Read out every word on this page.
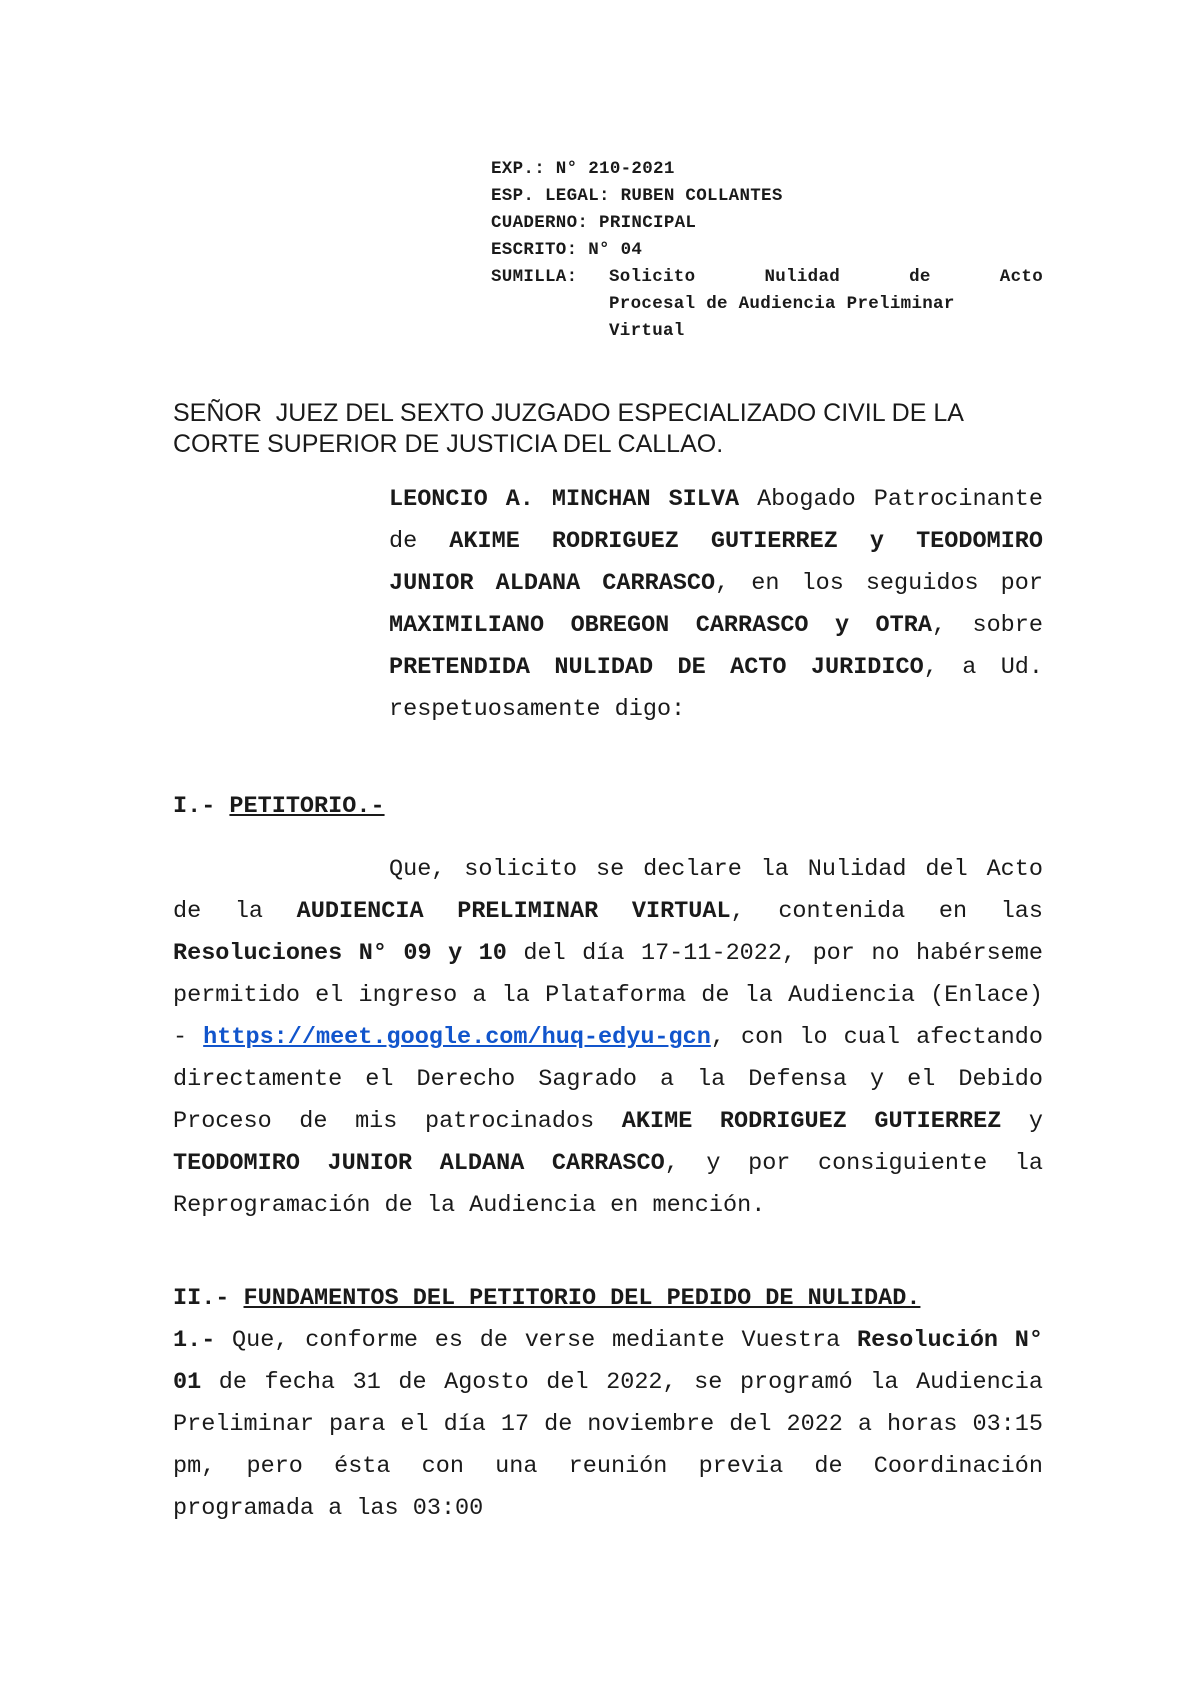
EXP.: N° 210-2021
ESP. LEGAL: RUBEN COLLANTES
CUADERNO: PRINCIPAL
ESCRITO: N° 04
SUMILLA:	Solicito Nulidad de Acto
Procesal de Audiencia Preliminar
Virtual
SEÑOR  JUEZ DEL SEXTO JUZGADO ESPECIALIZADO CIVIL DE LA
CORTE SUPERIOR DE JUSTICIA DEL CALLAO.
LEONCIO A. MINCHAN SILVA Abogado Patrocinante de AKIME RODRIGUEZ GUTIERREZ y TEODOMIRO JUNIOR ALDANA CARRASCO, en los seguidos por MAXIMILIANO OBREGON CARRASCO y OTRA, sobre PRETENDIDA NULIDAD DE ACTO JURIDICO, a Ud. respetuosamente digo:
I.- PETITORIO.-
Que, solicito se declare la Nulidad del Acto de la AUDIENCIA PRELIMINAR VIRTUAL, contenida en las Resoluciones N° 09 y 10 del día 17-11-2022, por no habérseme permitido el ingreso a la Plataforma de la Audiencia (Enlace) - https://meet.google.com/huq-edyu-gcn, con lo cual afectando directamente el Derecho Sagrado a la Defensa y el Debido Proceso de mis patrocinados AKIME RODRIGUEZ GUTIERREZ y TEODOMIRO JUNIOR ALDANA CARRASCO, y por consiguiente la Reprogramación de la Audiencia en mención.
II.- FUNDAMENTOS DEL PETITORIO DEL PEDIDO DE NULIDAD.
1.- Que, conforme es de verse mediante Vuestra Resolución N° 01 de fecha 31 de Agosto del 2022, se programó la Audiencia Preliminar para el día 17 de noviembre del 2022 a horas 03:15 pm, pero ésta con una reunión previa de Coordinación programada a las 03:00
